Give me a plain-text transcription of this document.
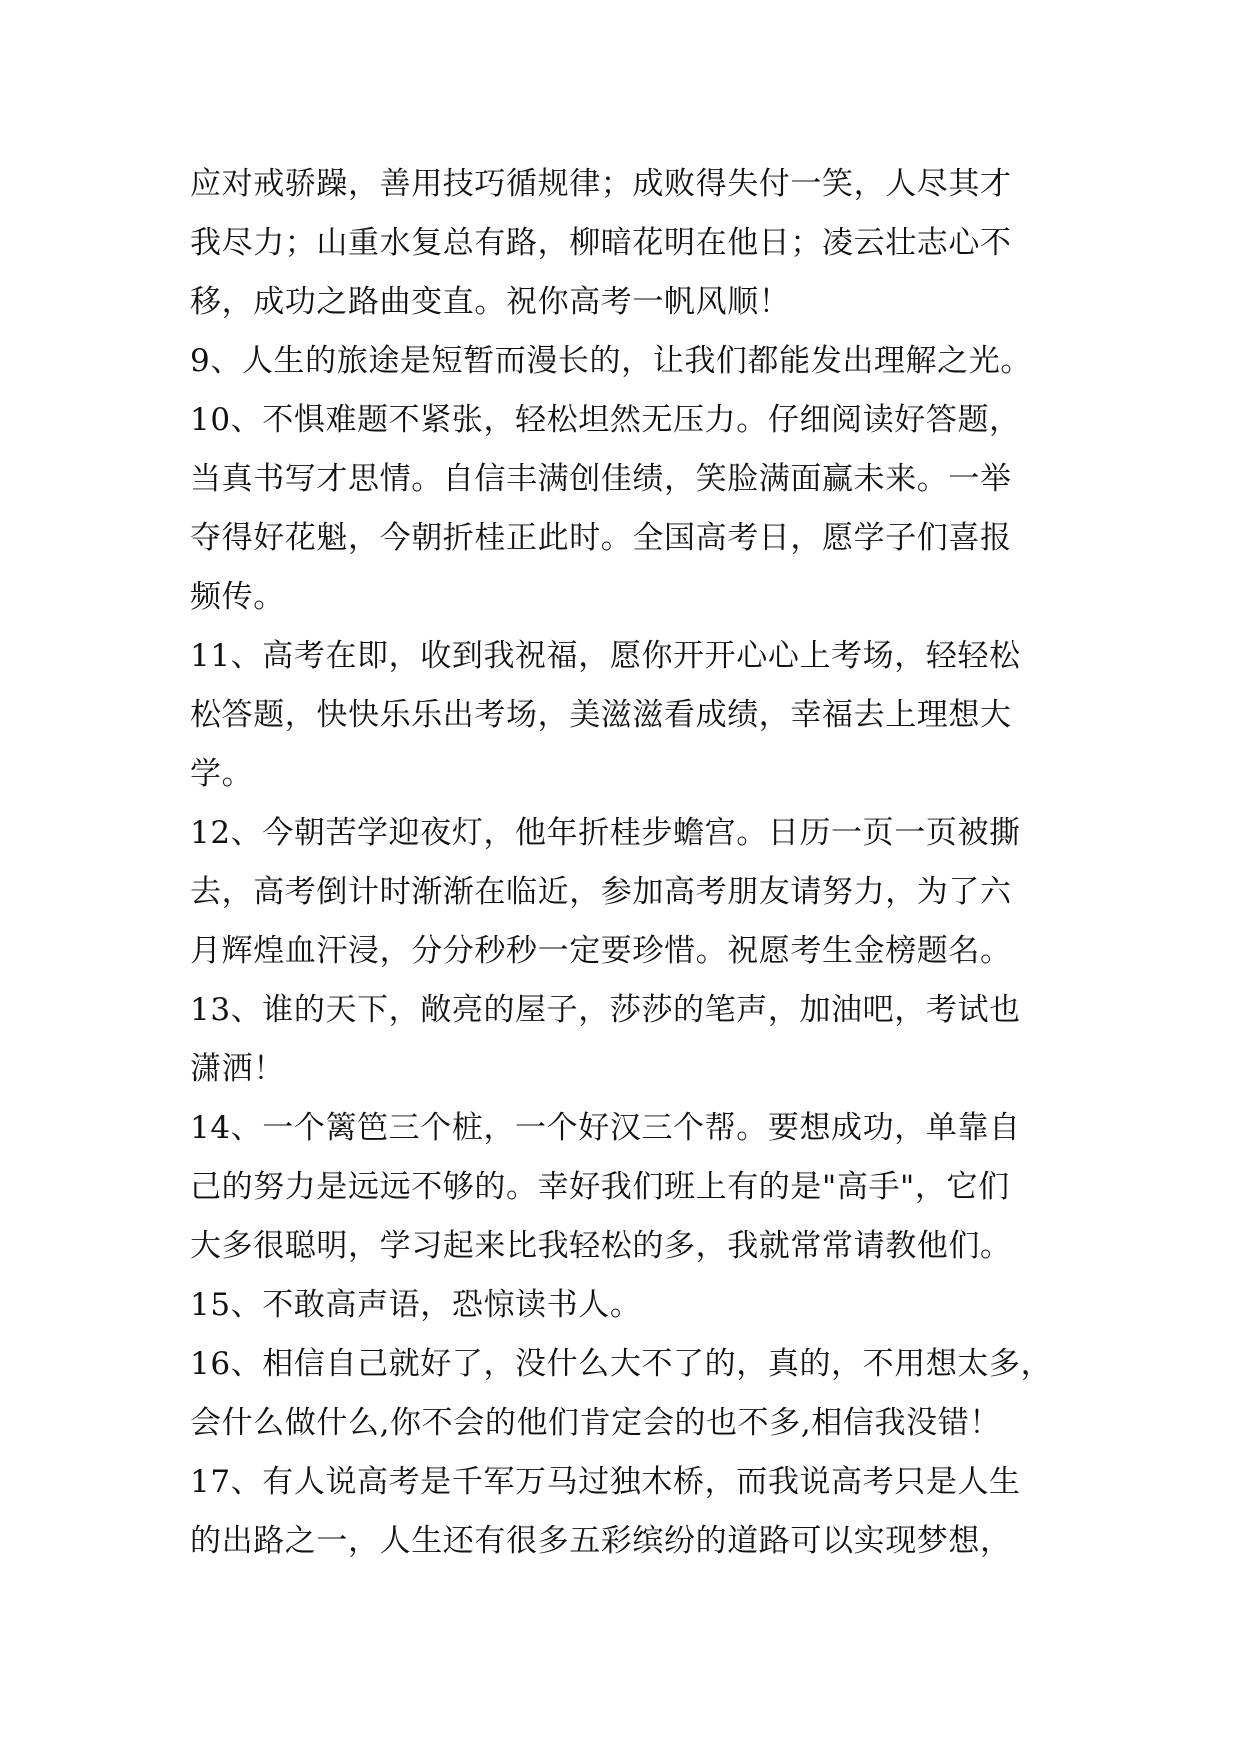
应对戒骄躁，善用技巧循规律；成败得失付一笑，人尽其才
我尽力；山重水复总有路，柳暗花明在他日；凌云壮志心不
移，成功之路曲变直。祝你高考一帆风顺！
9、人生的旅途是短暂而漫长的，让我们都能发出理解之光。
10、不惧难题不紧张，轻松坦然无压力。仔细阅读好答题，
当真书写才思情。自信丰满创佳绩，笑脸满面赢未来。一举
夺得好花魁，今朝折桂正此时。全国高考日，愿学子们喜报
频传。
11、高考在即，收到我祝福，愿你开开心心上考场，轻轻松
松答题，快快乐乐出考场，美滋滋看成绩，幸福去上理想大
学。
12、今朝苦学迎夜灯，他年折桂步蟾宫。日历一页一页被撕
去，高考倒计时渐渐在临近，参加高考朋友请努力，为了六
月辉煌血汗浸，分分秒秒一定要珍惜。祝愿考生金榜题名。
13、谁的天下，敞亮的屋子，莎莎的笔声，加油吧，考试也
潇洒！
14、一个篱笆三个桩，一个好汉三个帮。要想成功，单靠自
己的努力是远远不够的。幸好我们班上有的是"高手"，它们
大多很聪明，学习起来比我轻松的多，我就常常请教他们。
15、不敢高声语，恐惊读书人。
16、相信自己就好了，没什么大不了的，真的，不用想太多，
会什么做什么,你不会的他们肯定会的也不多,相信我没错！
17、有人说高考是千军万马过独木桥，而我说高考只是人生
的出路之一，人生还有很多五彩缤纷的道路可以实现梦想，
